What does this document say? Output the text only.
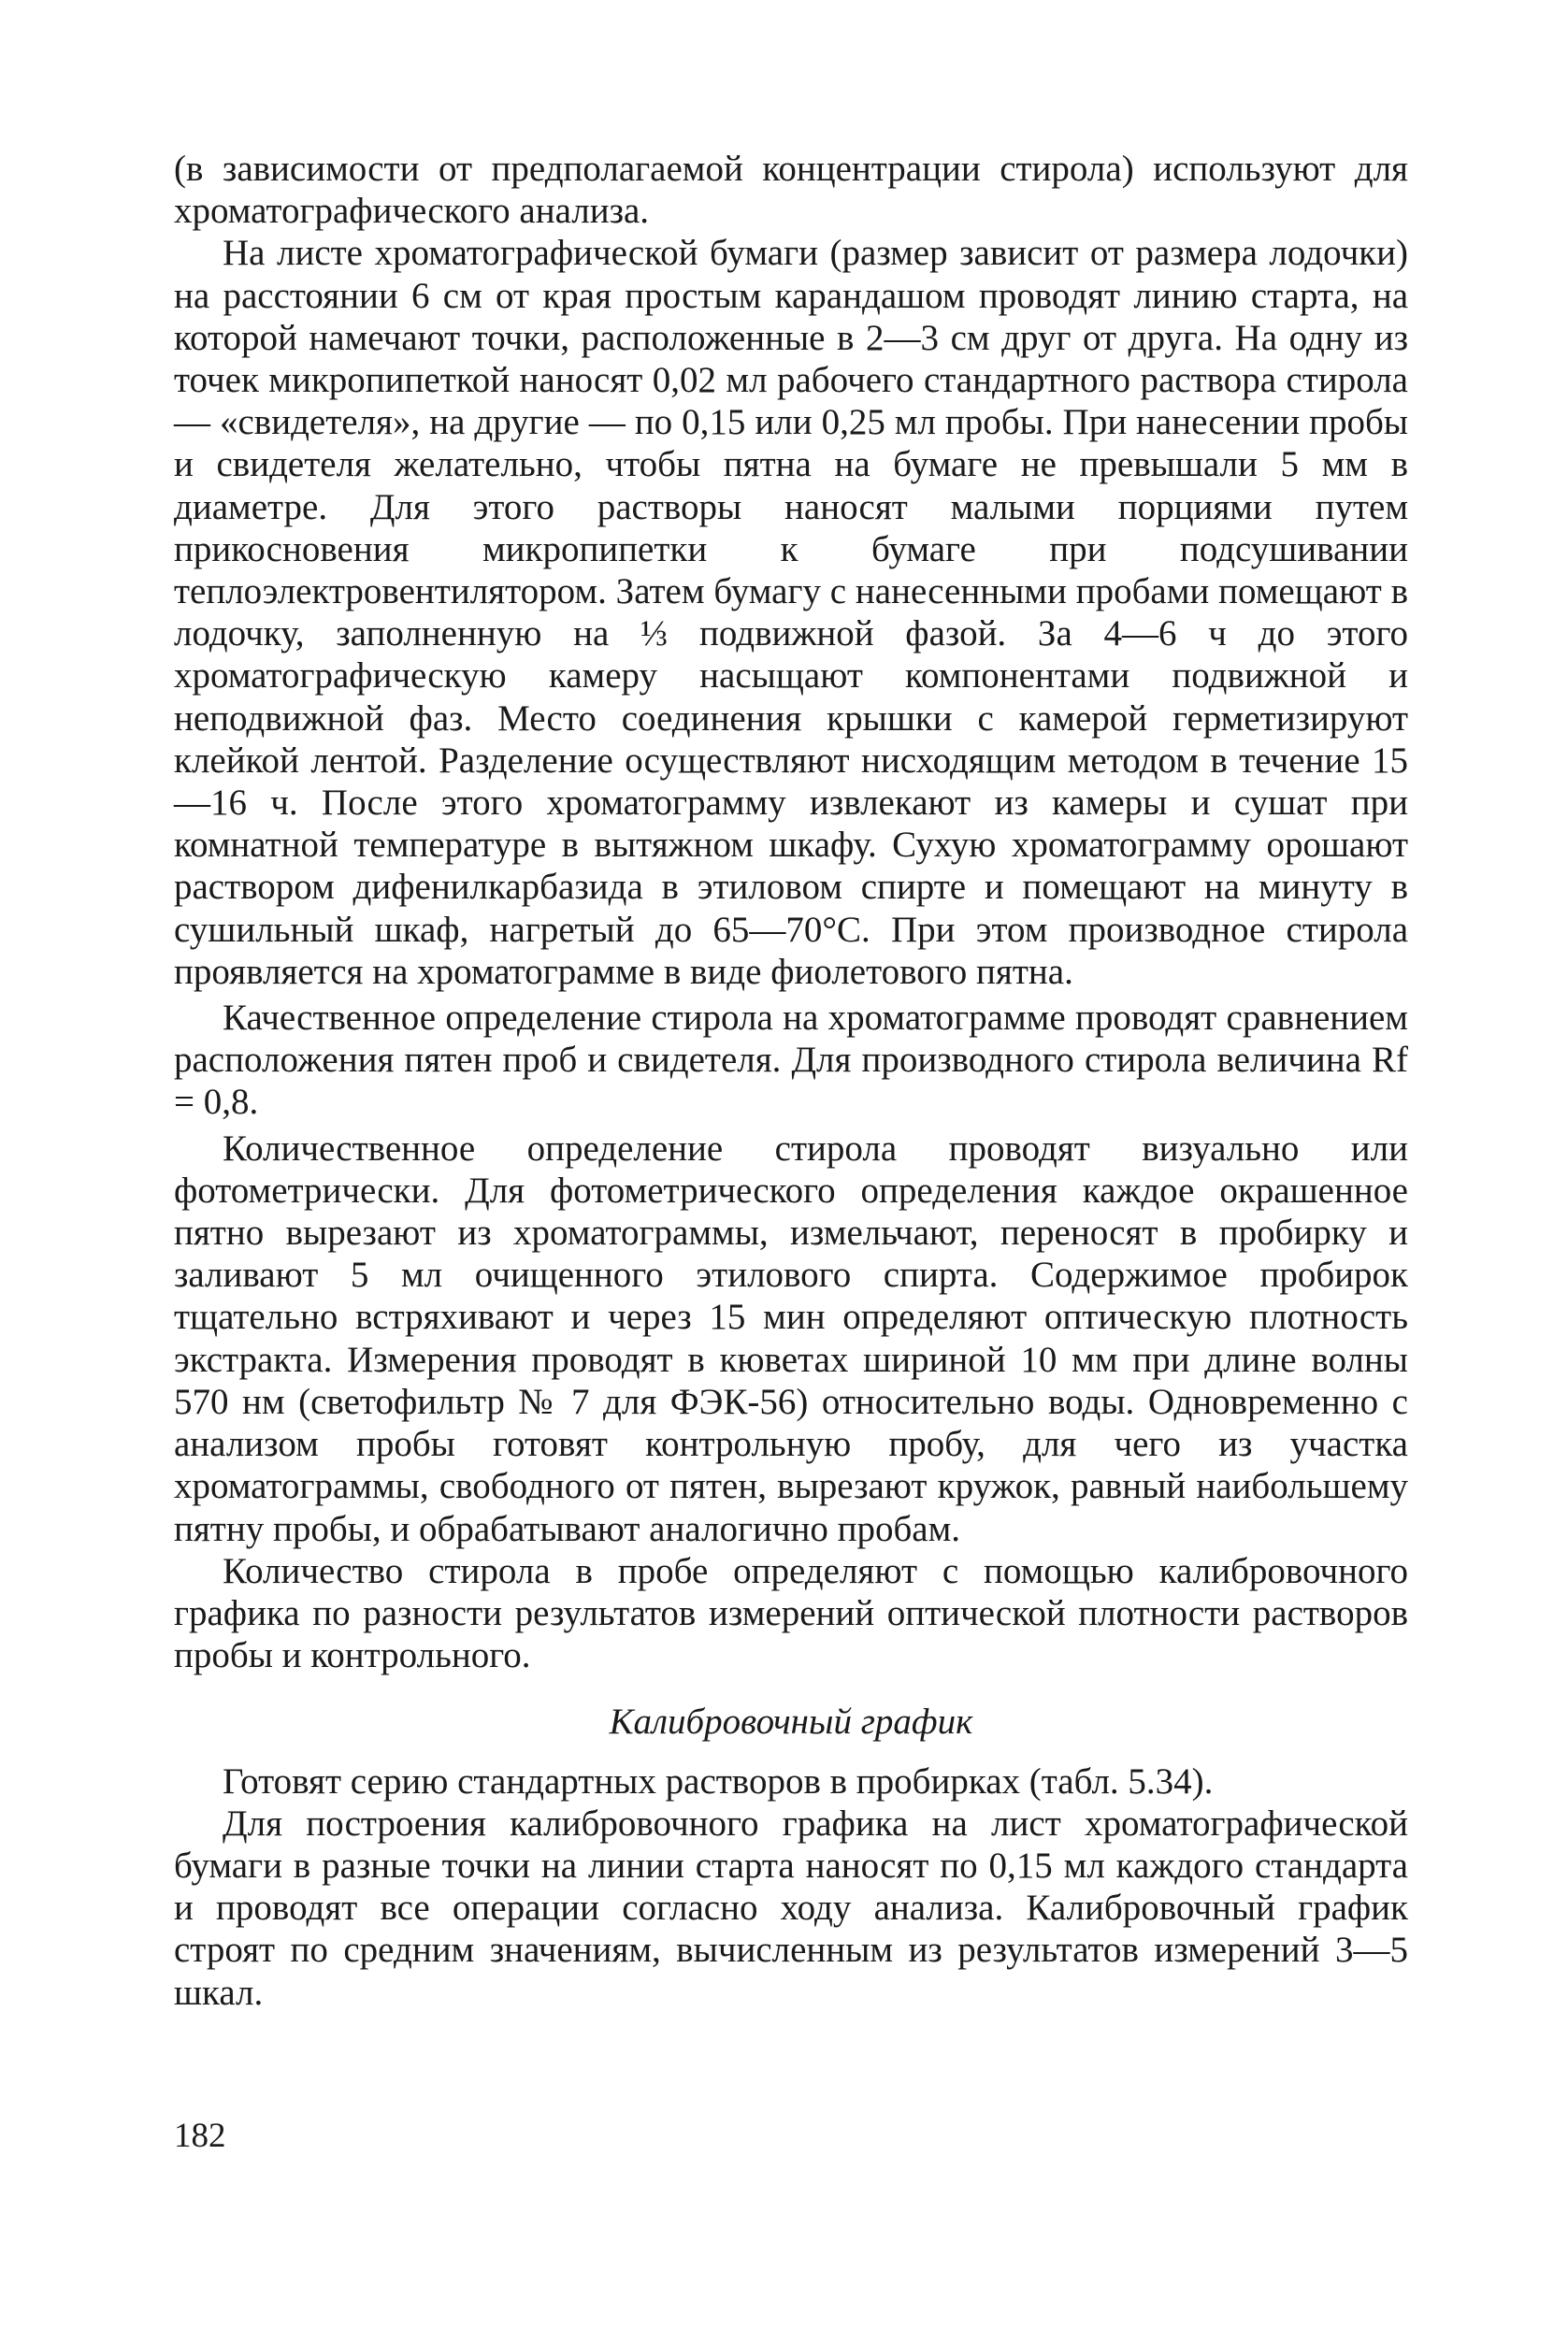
(в зависимости от предполагаемой концентрации стирола) используют для хроматографического анализа.

На листе хроматографической бумаги (размер зависит от размера лодочки) на расстоянии 6 см от края простым карандашом проводят линию старта, на которой намечают точки, расположенные в 2—3 см друг от друга. На одну из точек микропипеткой наносят 0,02 мл рабочего стандартного раствора стирола — «свидетеля», на другие — по 0,15 или 0,25 мл пробы. При нанесении пробы и свидетеля желательно, чтобы пятна на бумаге не превышали 5 мм в диаметре. Для этого растворы наносят малыми порциями путем прикосновения микропипетки к бумаге при подсушивании теплоэлектровентилятором. Затем бумагу с нанесенными пробами помещают в лодочку, заполненную на ⅓ подвижной фазой. За 4—6 ч до этого хроматографическую камеру насыщают компонентами подвижной и неподвижной фаз. Место соединения крышки с камерой герметизируют клейкой лентой. Разделение осуществляют нисходящим методом в течение 15—16 ч. После этого хроматограмму извлекают из камеры и сушат при комнатной температуре в вытяжном шкафу. Сухую хроматограмму орошают раствором дифенилкарбазида в этиловом спирте и помещают на минуту в сушильный шкаф, нагретый до 65—70°С. При этом производное стирола проявляется на хроматограмме в виде фиолетового пятна.

Качественное определение стирола на хроматограмме проводят сравнением расположения пятен проб и свидетеля. Для производного стирола величина Rf = 0,8.

Количественное определение стирола проводят визуально или фотометрически. Для фотометрического определения каждое окрашенное пятно вырезают из хроматограммы, измельчают, переносят в пробирку и заливают 5 мл очищенного этилового спирта. Содержимое пробирок тщательно встряхивают и через 15 мин определяют оптическую плотность экстракта. Измерения проводят в кюветах шириной 10 мм при длине волны 570 нм (светофильтр № 7 для ФЭК-56) относительно воды. Одновременно с анализом пробы готовят контрольную пробу, для чего из участка хроматограммы, свободного от пятен, вырезают кружок, равный наибольшему пятну пробы, и обрабатывают аналогично пробам.

Количество стирола в пробе определяют с помощью калибровочного графика по разности результатов измерений оптической плотности растворов пробы и контрольного.

Калибровочный график

Готовят серию стандартных растворов в пробирках (табл. 5.34).

Для построения калибровочного графика на лист хроматографической бумаги в разные точки на линии старта наносят по 0,15 мл каждого стандарта и проводят все операции согласно ходу анализа. Калибровочный график строят по средним значениям, вычисленным из результатов измерений 3—5 шкал.

182
